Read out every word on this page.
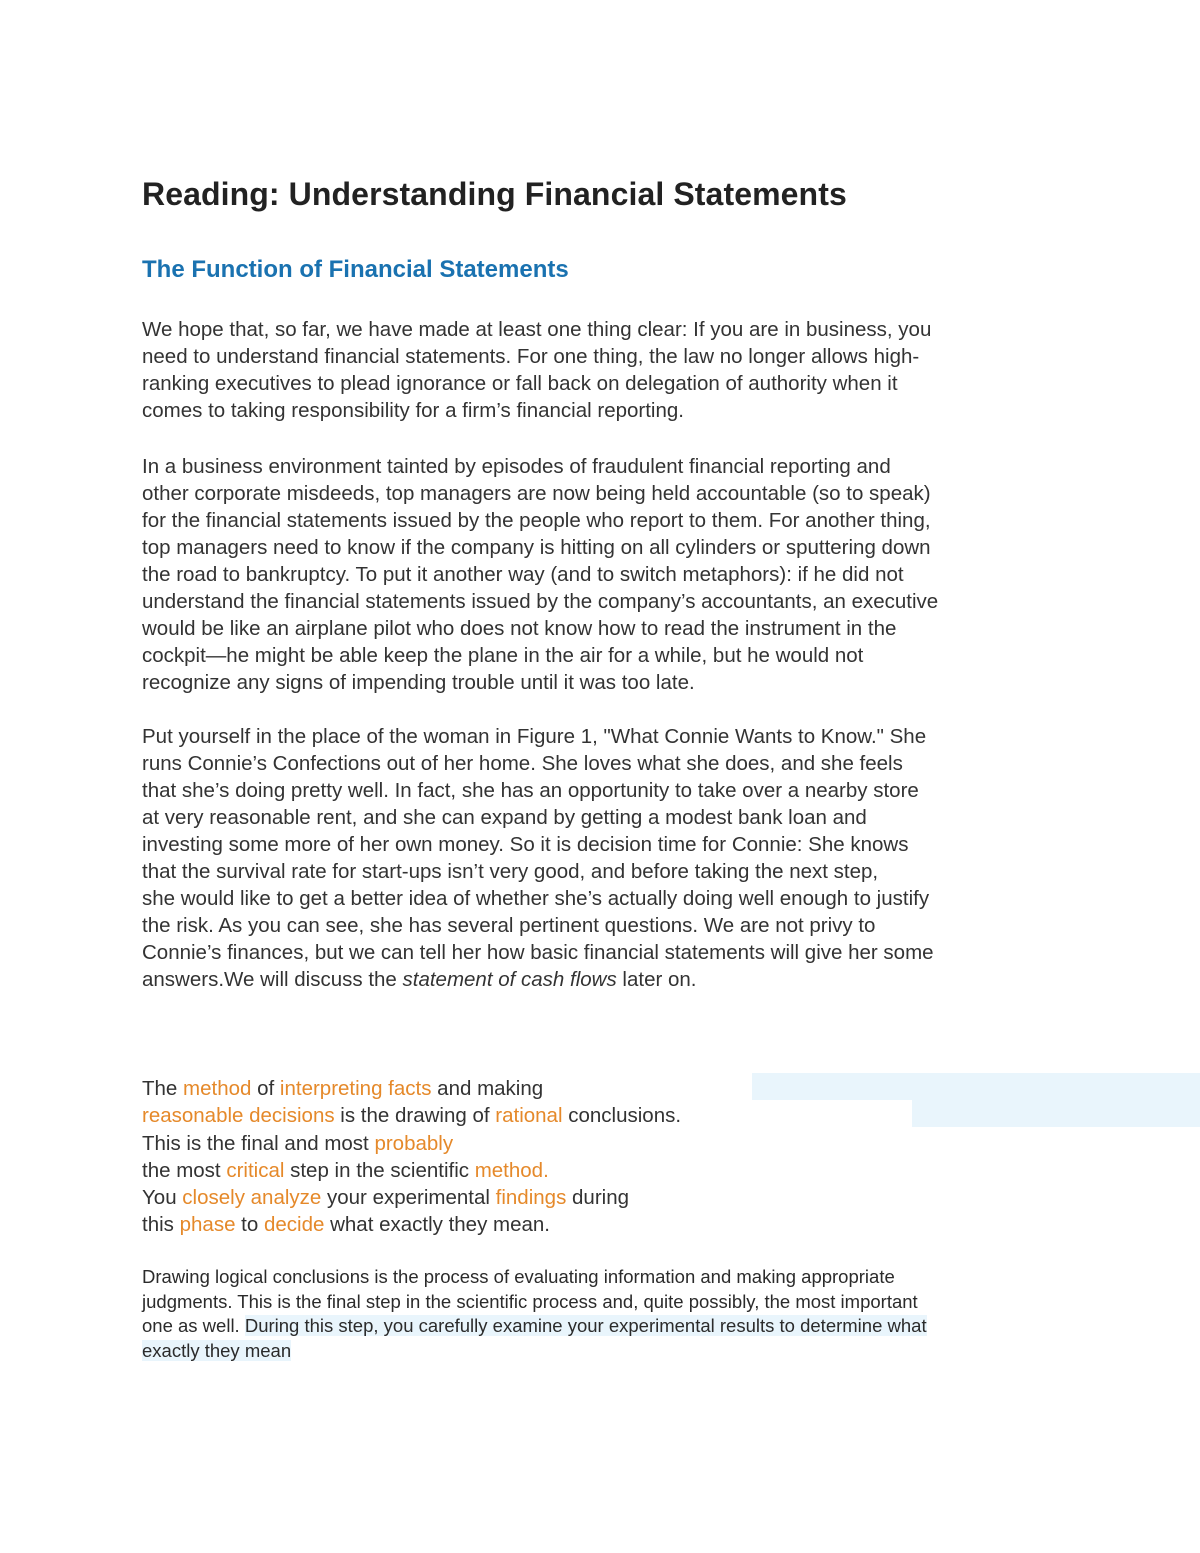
Reading: Understanding Financial Statements
The Function of Financial Statements

We hope that, so far, we have made at least one thing clear: If you are in business, you
need to understand financial statements. For one thing, the law no longer allows high-
ranking executives to plead ignorance or fall back on delegation of authority when it
comes to taking responsibility for a firm’s financial reporting.

In a business environment tainted by episodes of fraudulent financial reporting and
other corporate misdeeds, top managers are now being held accountable (so to speak)
for the financial statements issued by the people who report to them. For another thing,
top managers need to know if the company is hitting on all cylinders or sputtering down
the road to bankruptcy. To put it another way (and to switch metaphors): if he did not
understand the financial statements issued by the company’s accountants, an executive
would be like an airplane pilot who does not know how to read the instrument in the
cockpit—he might be able keep the plane in the air for a while, but he would not
recognize any signs of impending trouble until it was too late.

Put yourself in the place of the woman in Figure 1, "What Connie Wants to Know." She
runs Connie’s Confections out of her home. She loves what she does, and she feels
that she’s doing pretty well. In fact, she has an opportunity to take over a nearby store
at very reasonable rent, and she can expand by getting a modest bank loan and
investing some more of her own money. So it is decision time for Connie: She knows
that the survival rate for start-ups isn’t very good, and before taking the next step,
she would like to get a better idea of whether she’s actually doing well enough to justify
the risk. As you can see, she has several pertinent questions. We are not privy to
Connie’s finances, but we can tell her how basic financial statements will give her some
answers.We will discuss the statement of cash flows later on.

The method of interpreting facts and making
reasonable decisions is the drawing of rational conclusions.
This is the final and most probably
the most critical step in the scientific method.
You closely analyze your experimental findings during
this phase to decide what exactly they mean.

Drawing logical conclusions is the process of evaluating information and making appropriate
judgments. This is the final step in the scientific process and, quite possibly, the most important
one as well. During this step, you carefully examine your experimental results to determine what
exactly they mean
